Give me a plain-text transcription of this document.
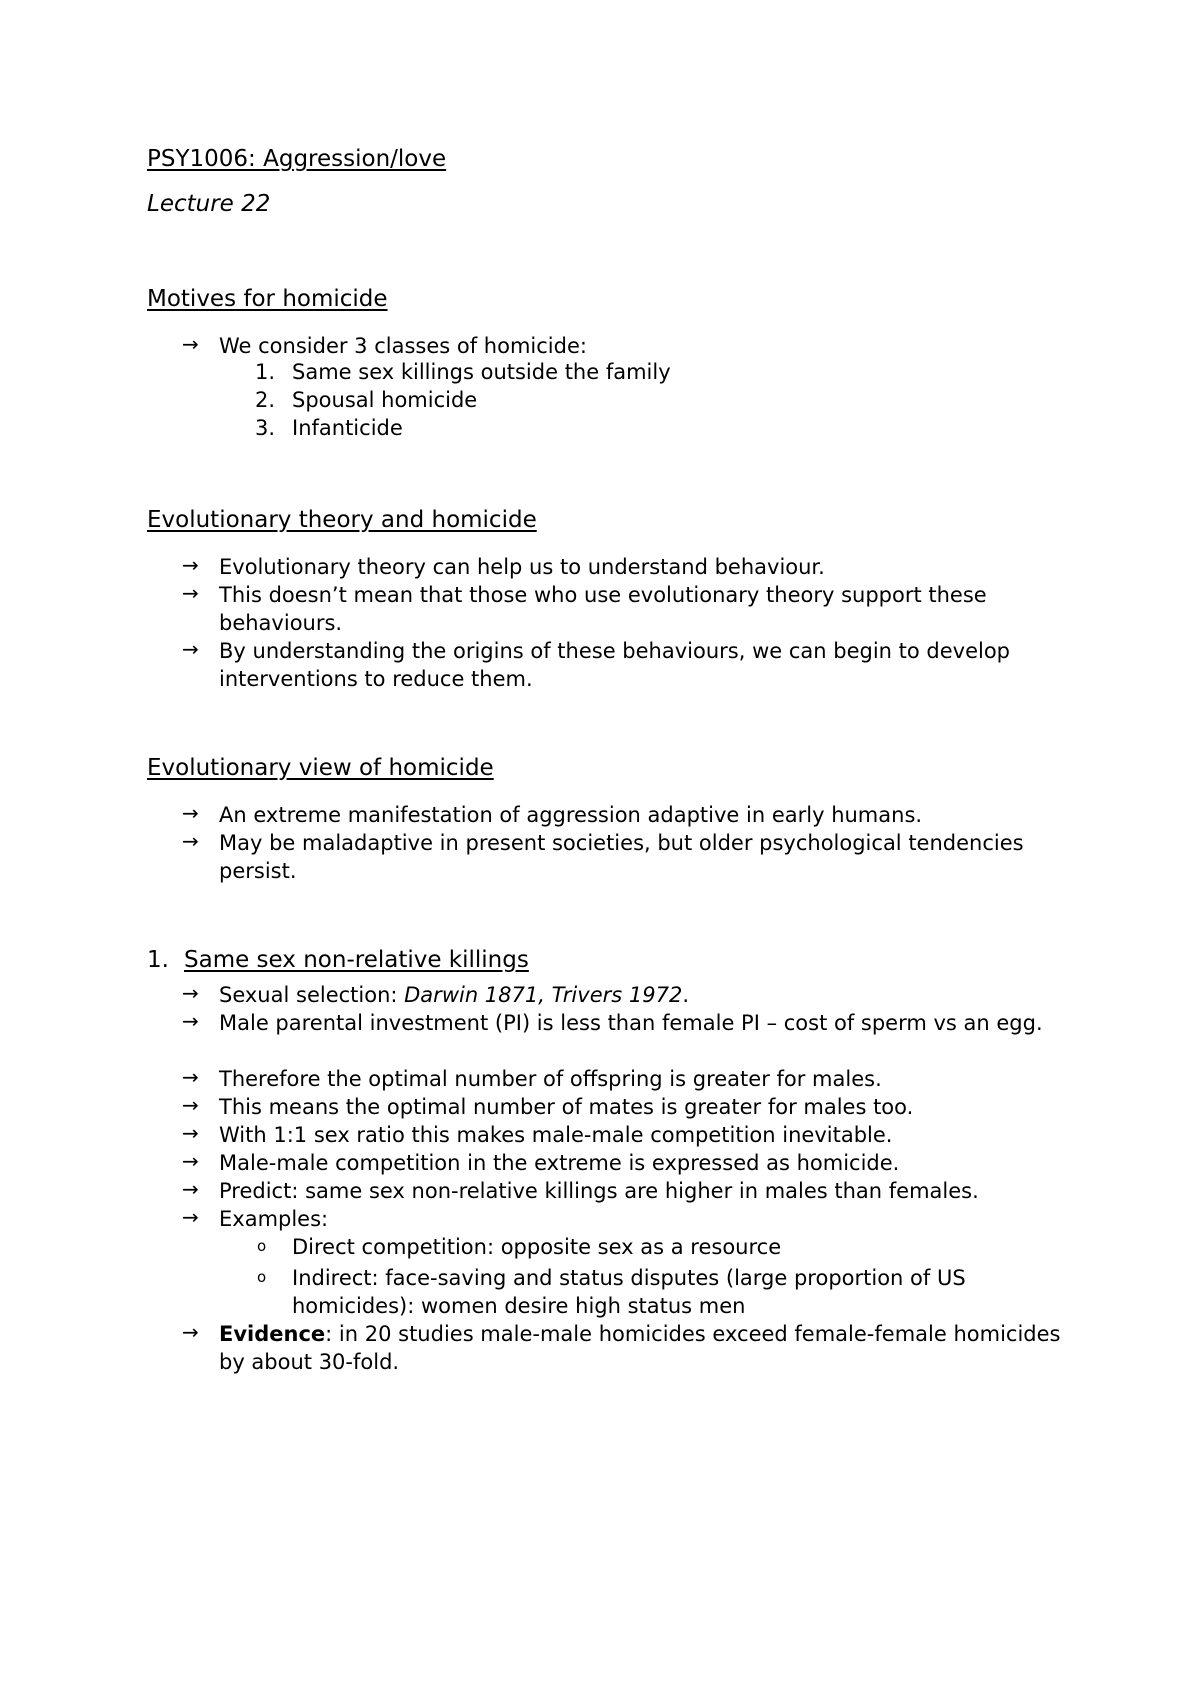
PSY1006: Aggression/love
Lecture 22
Motives for homicide
→ We consider 3 classes of homicide:
1. Same sex killings outside the family
2. Spousal homicide
3. Infanticide
Evolutionary theory and homicide
→ Evolutionary theory can help us to understand behaviour.
→ This doesn’t mean that those who use evolutionary theory support these behaviours.
→ By understanding the origins of these behaviours, we can begin to develop interventions to reduce them.
Evolutionary view of homicide
→ An extreme manifestation of aggression adaptive in early humans.
→ May be maladaptive in present societies, but older psychological tendencies persist.
1. Same sex non-relative killings
→ Sexual selection: Darwin 1871, Trivers 1972.
→ Male parental investment (PI) is less than female PI – cost of sperm vs an egg.
→ Therefore the optimal number of offspring is greater for males.
→ This means the optimal number of mates is greater for males too.
→ With 1:1 sex ratio this makes male-male competition inevitable.
→ Male-male competition in the extreme is expressed as homicide.
→ Predict: same sex non-relative killings are higher in males than females.
→ Examples:
o Direct competition: opposite sex as a resource
o Indirect: face-saving and status disputes (large proportion of US homicides): women desire high status men
→ Evidence: in 20 studies male-male homicides exceed female-female homicides by about 30-fold.
